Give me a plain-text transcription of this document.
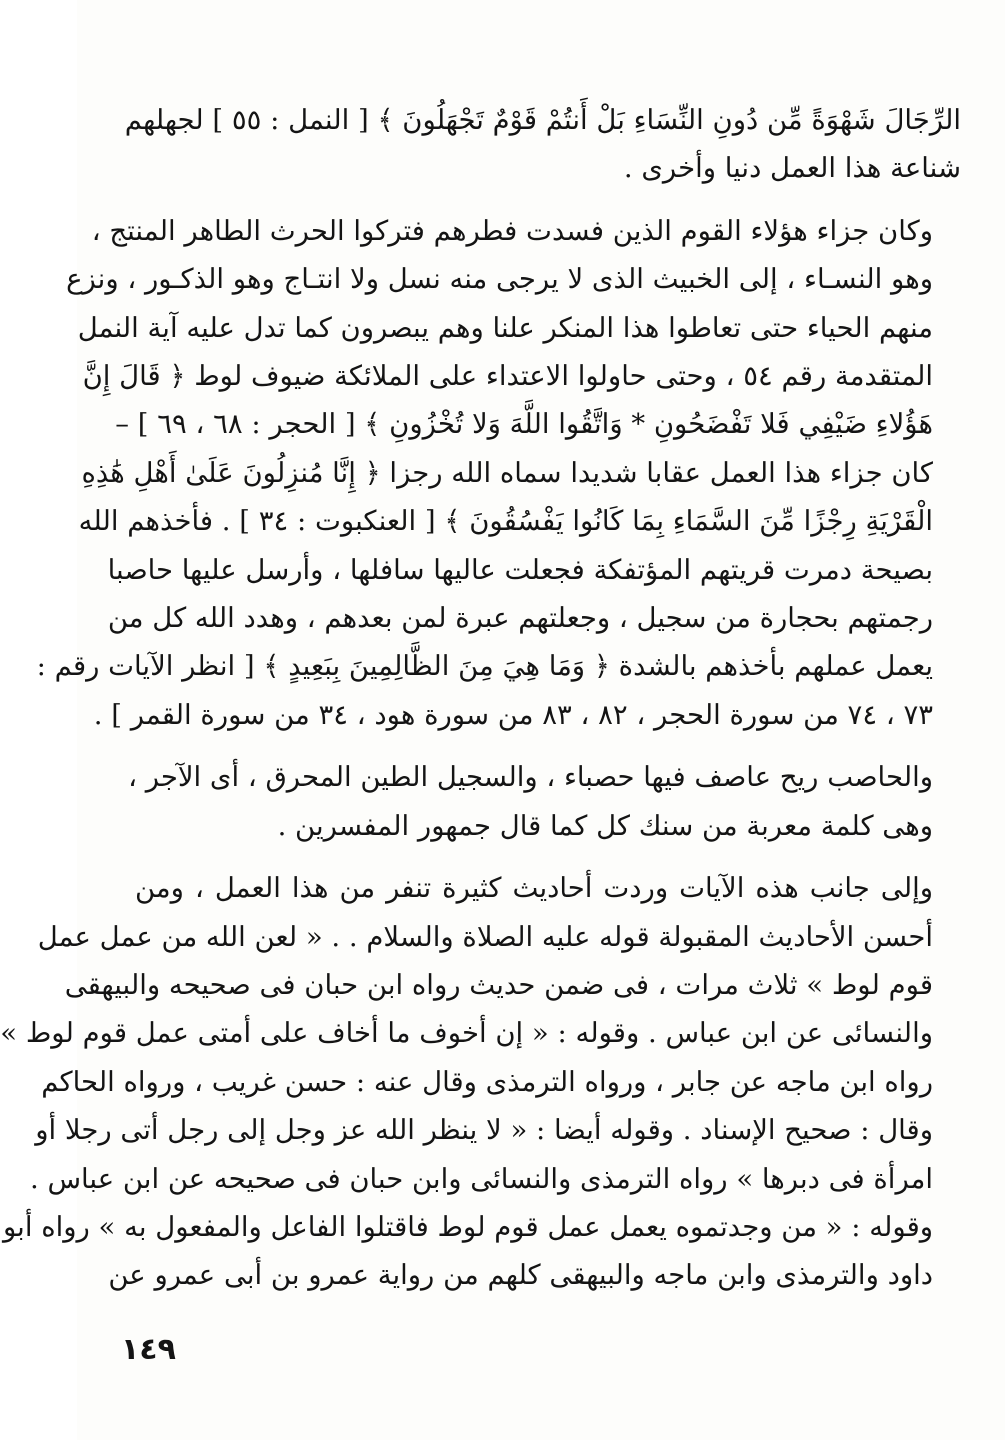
الرِّجَالَ شَهْوَةً مِّن دُونِ النِّسَاءِ بَلْ أَنتُمْ قَوْمٌ تَجْهَلُونَ ﴾ [ النمل : ٥٥ ] لجهلهم
شناعة هذا العمل دنيا وأخرى .

وكان جزاء هؤلاء القوم الذين فسدت فطرهم فتركوا الحرث الطاهر المنتج ،
وهو النسـاء ، إلى الخبيث الذى لا يرجى منه نسل ولا انتـاج وهو الذكـور ، ونزع
منهم الحياء حتى تعاطوا هذا المنكر علنا وهم يبصرون كما تدل عليه آية النمل
المتقدمة رقم ٥٤ ، وحتى حاولوا الاعتداء على الملائكة ضيوف لوط ﴿ قَالَ إِنَّ
هَؤُلاءِ ضَيْفِي فَلا تَفْضَحُونِ * وَاتَّقُوا اللَّهَ وَلا تُخْزُونِ ﴾ [ الحجر : ٦٨ ، ٦٩ ] –
كان جزاء هذا العمل عقابا شديدا سماه الله رجزا ﴿ إِنَّا مُنزِلُونَ عَلَىٰ أَهْلِ هَٰذِهِ
الْقَرْيَةِ رِجْزًا مِّنَ السَّمَاءِ بِمَا كَانُوا يَفْسُقُونَ ﴾ [ العنكبوت : ٣٤ ] . فأخذهم الله
بصيحة دمرت قريتهم المؤتفكة فجعلت عاليها سافلها ، وأرسل عليها حاصبا
رجمتهم بحجارة من سجيل ، وجعلتهم عبرة لمن بعدهم ، وهدد الله كل من
يعمل عملهم بأخذهم بالشدة ﴿ وَمَا هِيَ مِنَ الظَّالِمِينَ بِبَعِيدٍ ﴾ [ انظر الآيات رقم :
٧٣ ، ٧٤ من سورة الحجر ، ٨٢ ، ٨٣ من سورة هود ، ٣٤ من سورة القمر ] .

والحاصب ريح عاصف فيها حصباء ، والسجيل الطين المحرق ، أى الآجر ،
وهى كلمة معربة من سنك كل كما قال جمهور المفسرين .

وإلى جانب هذه الآيات وردت أحاديث كثيرة تنفر من هذا العمل ، ومن
أحسن الأحاديث المقبولة قوله عليه الصلاة والسلام . . « لعن الله من عمل عمل
قوم لوط » ثلاث مرات ، فى ضمن حديث رواه ابن حبان فى صحيحه والبيهقى
والنسائى عن ابن عباس . وقوله : « إن أخوف ما أخاف على أمتى عمل قوم لوط »
رواه ابن ماجه عن جابر ، ورواه الترمذى وقال عنه : حسن غريب ، ورواه الحاكم
وقال : صحيح الإسناد . وقوله أيضا : « لا ينظر الله عز وجل إلى رجل أتى رجلا أو
امرأة فى دبرها » رواه الترمذى والنسائى وابن حبان فى صحيحه عن ابن عباس .
وقوله : « من وجدتموه يعمل عمل قوم لوط فاقتلوا الفاعل والمفعول به » رواه أبو
داود والترمذى وابن ماجه والبيهقى كلهم من رواية عمرو بن أبى عمرو عن

١٤٩
